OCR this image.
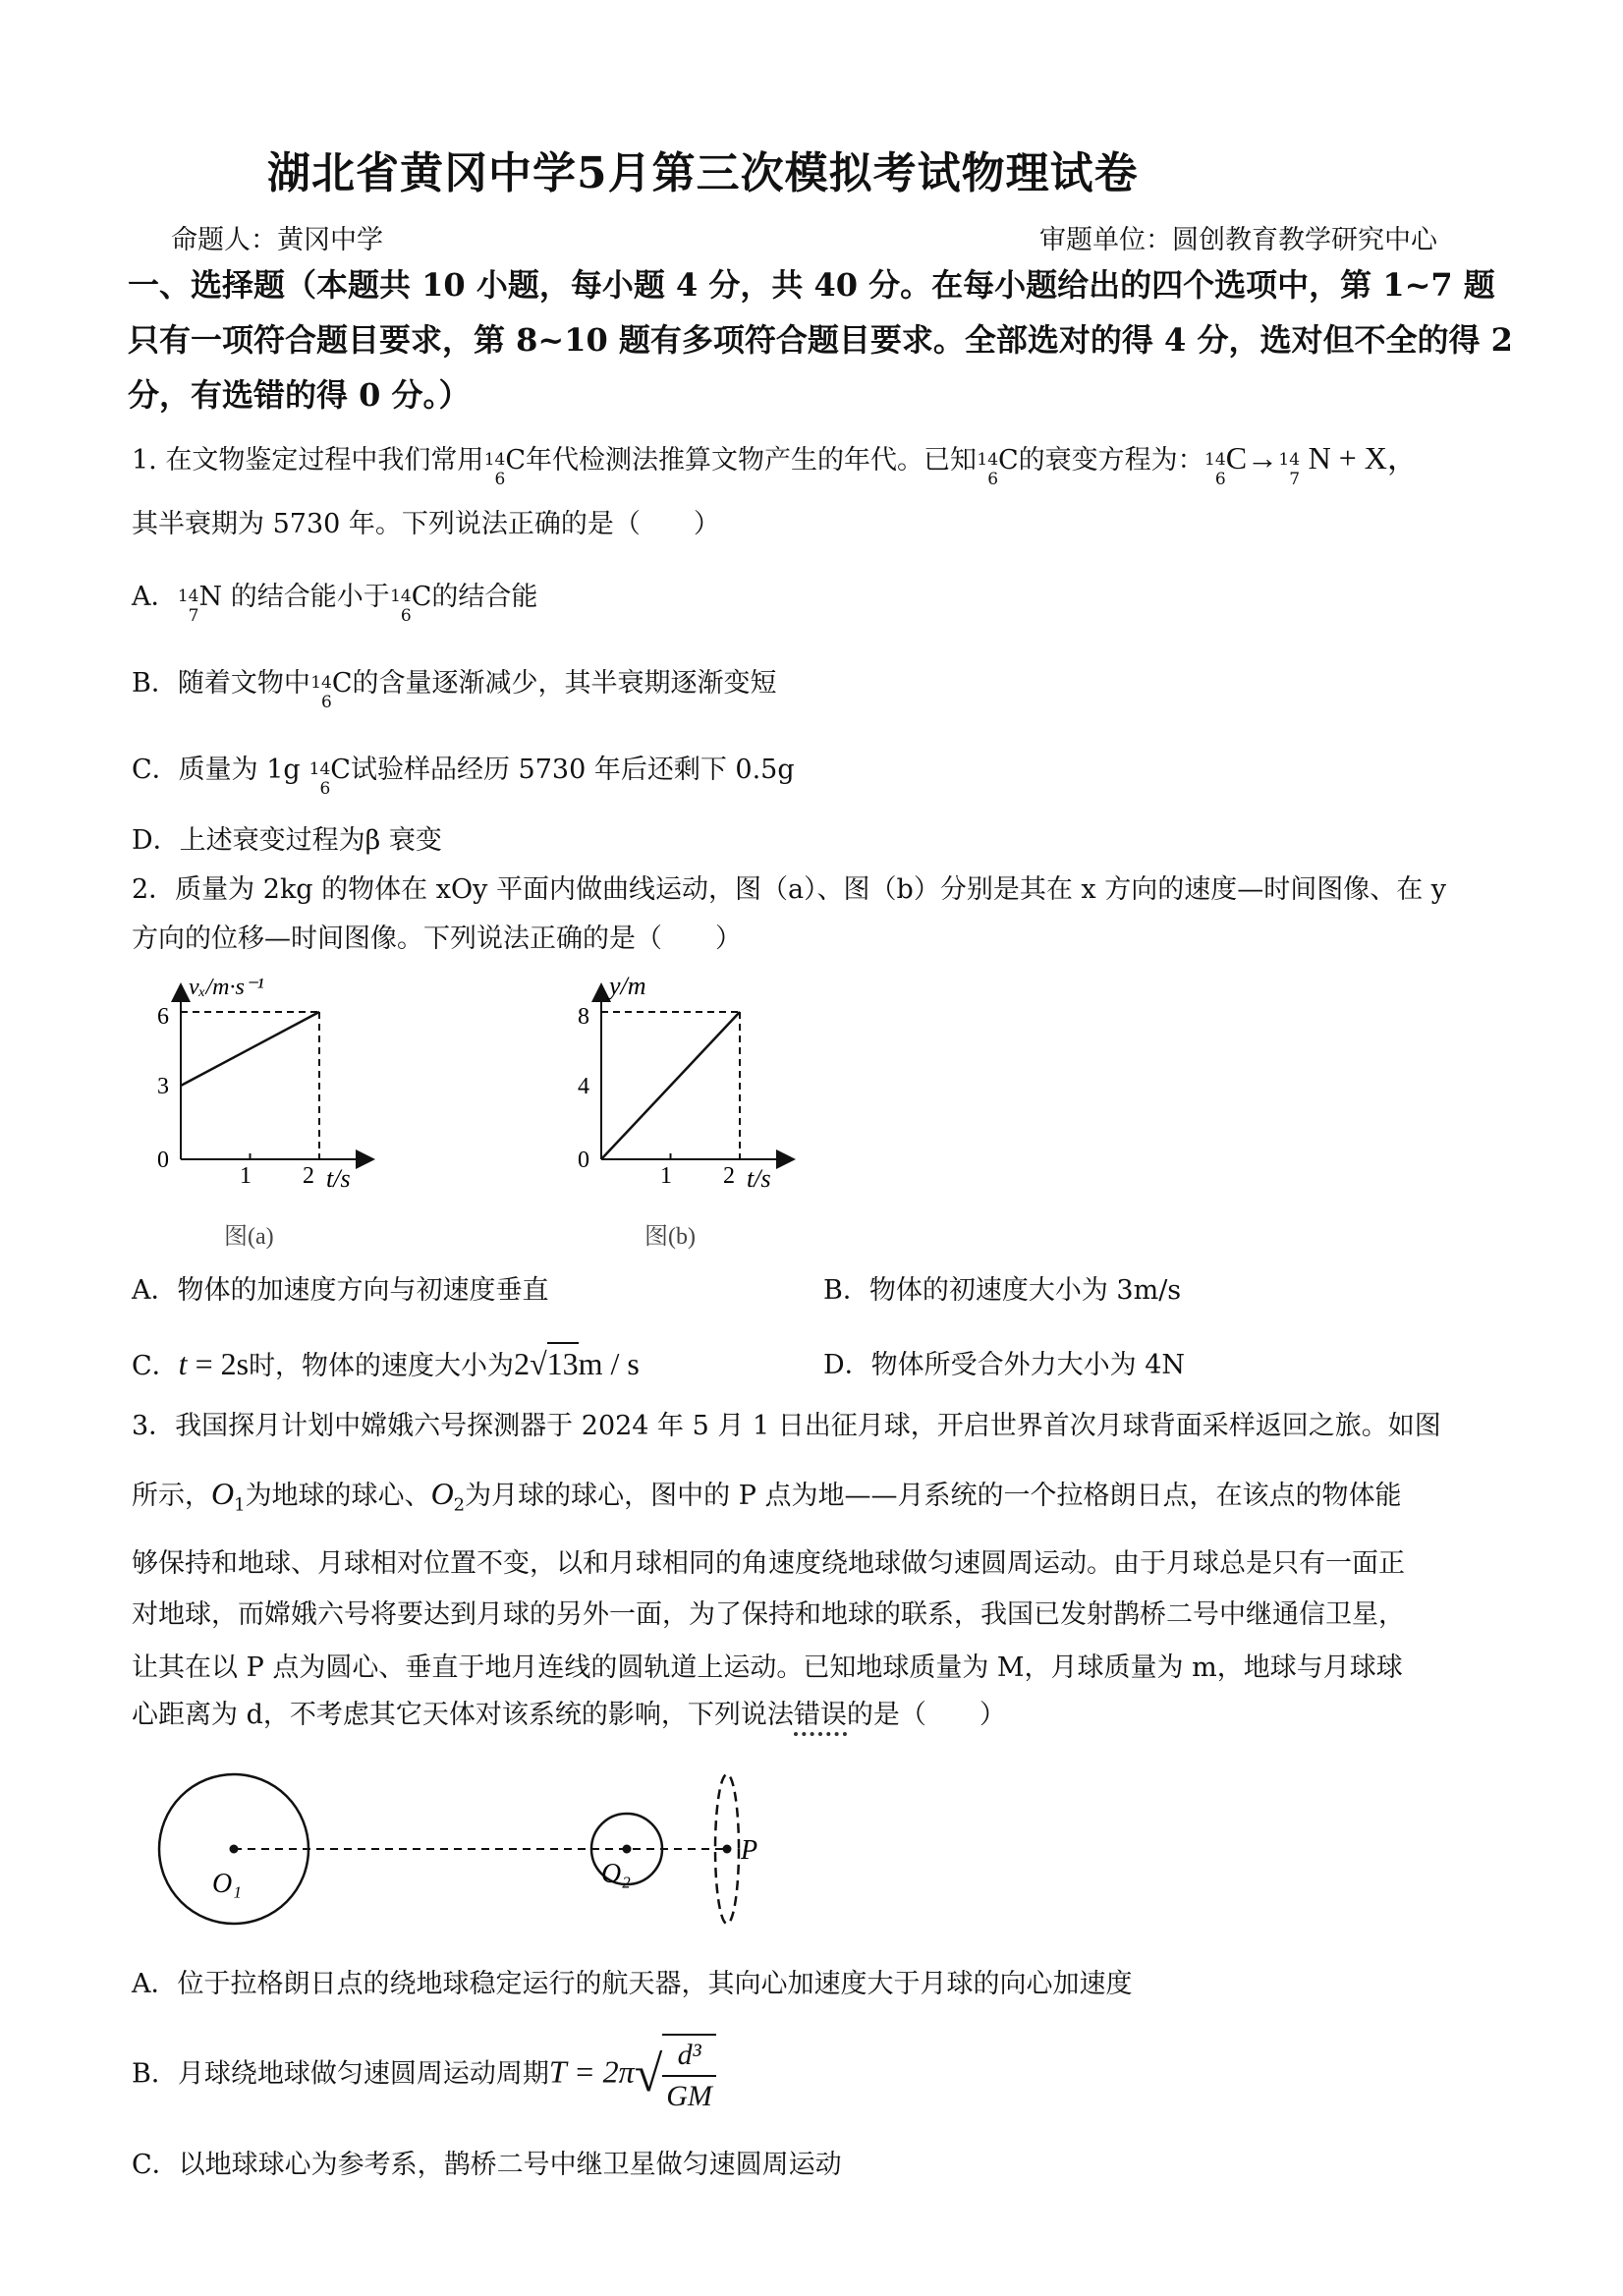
湖北省黄冈中学5月第三次模拟考试物理试卷
命题人：黄冈中学	审题单位：圆创教育教学研究中心
一、选择题（本题共 10 小题，每小题 4 分，共 40 分。在每小题给出的四个选项中，第 1~7 题只有一项符合题目要求，第 8~10 题有多项符合题目要求。全部选对的得 4 分，选对但不全的得 2 分，有选错的得 0 分。）
1. 在文物鉴定过程中我们常用 14
6
C年代检测法推算文物产生的年代。已知 14
6
C的衰变方程为： 14
6
C→ 14
7
N + X，
其半衰期为 5730 年。下列说法正确的是（　　）
A． 14
7
N 的结合能小于 14
6
C的结合能
B．随着文物中 14
6
C的含量逐渐减少，其半衰期逐渐变短
C．质量为 1g 14
6
C试验样品经历 5730 年后还剩下 0.5g
D．上述衰变过程为β 衰变
2．质量为 2kg 的物体在 xOy 平面内做曲线运动，图（a）、图（b）分别是其在 x 方向的速度—时间图像、在 y
方向的位移—时间图像。下列说法正确的是（　　）
vₓ/m·s⁻¹
t/s
6
3
0
1 2
图(a)
y/m
t/s
8
4
0
1 2
图(b)
A．物体的加速度方向与初速度垂直	B．物体的初速度大小为 3m/s
C．t = 2s时，物体的速度大小为2√13m / s	D．物体所受合外力大小为 4N
3．我国探月计划中嫦娥六号探测器于 2024 年 5 月 1 日出征月球，开启世界首次月球背面采样返回之旅。如图
所示，$O_1$为地球的球心、$O_2$为月球的球心，图中的 P 点为地——月系统的一个拉格朗日点，在该点的物体能
够保持和地球、月球相对位置不变，以和月球相同的角速度绕地球做匀速圆周运动。由于月球总是只有一面正
对地球，而嫦娥六号将要达到月球的另外一面，为了保持和地球的联系，我国已发射鹊桥二号中继通信卫星，
让其在以 P 点为圆心、垂直于地月连线的圆轨道上运动。已知地球质量为 M，月球质量为 m，地球与月球球
心距离为 d，不考虑其它天体对该系统的影响，下列说法错误的是（　　）
O₁	O₂
P
A．位于拉格朗日点的绕地球稳定运行的航天器，其向心加速度大于月球的向心加速度
B．月球绕地球做匀速圆周运动周期$T = 2\pi√ \frac{\text{d³}}{GM}$
C．以地球球心为参考系，鹊桥二号中继卫星做匀速圆周运动
